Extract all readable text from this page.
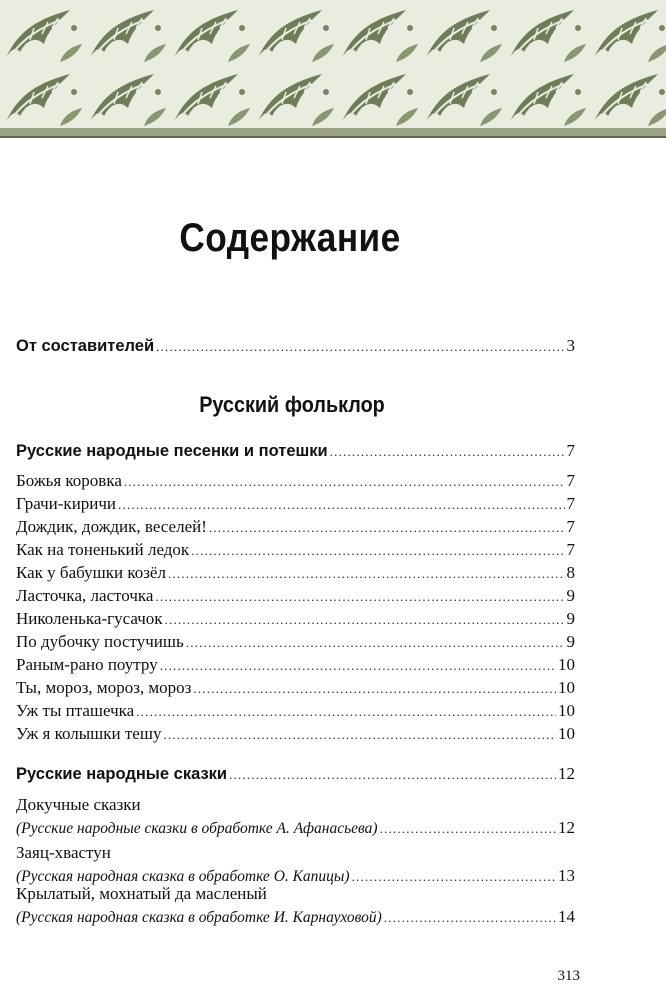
Содержание
От составителей .....	3
Русский фольклор
Русские народные песенки и потешки .....	7
Божья коровка .....	7
Грачи-киричи .....	7
Дождик, дождик, веселей! .....	7
Как на тоненький ледок .....	7
Как у бабушки козёл .....	8
Ласточка, ласточка .....	9
Николенька-гусачок .....	9
По дубочку постучишь .....	9
Раным-рано поутру .....	10
Ты, мороз, мороз, мороз .....	10
Уж ты пташечка .....	10
Уж я колышки тешу .....	10
Русские народные сказки .....	12
Докучные сказки
(Русские народные сказки в обработке А. Афанасьева) .....	12
Заяц-хвастун
(Русская народная сказка в обработке О. Капицы) .....	13
Крылатый, мохнатый да масленый
(Русская народная сказка в обработке И. Карнауховой) .....	14
313
